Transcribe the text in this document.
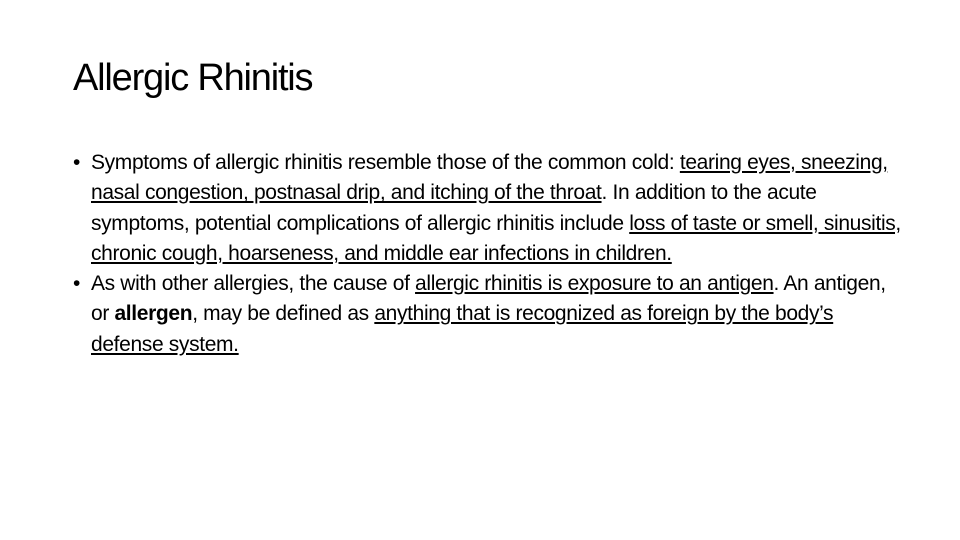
Allergic Rhinitis
• Symptoms of allergic rhinitis resemble those of the common cold: tearing eyes, sneezing, nasal congestion, postnasal drip, and itching of the throat. In addition to the acute symptoms, potential complications of allergic rhinitis include loss of taste or smell, sinusitis, chronic cough, hoarseness, and middle ear infections in children.
• As with other allergies, the cause of allergic rhinitis is exposure to an antigen. An antigen, or allergen, may be defined as anything that is recognized as foreign by the body’s defense system.
